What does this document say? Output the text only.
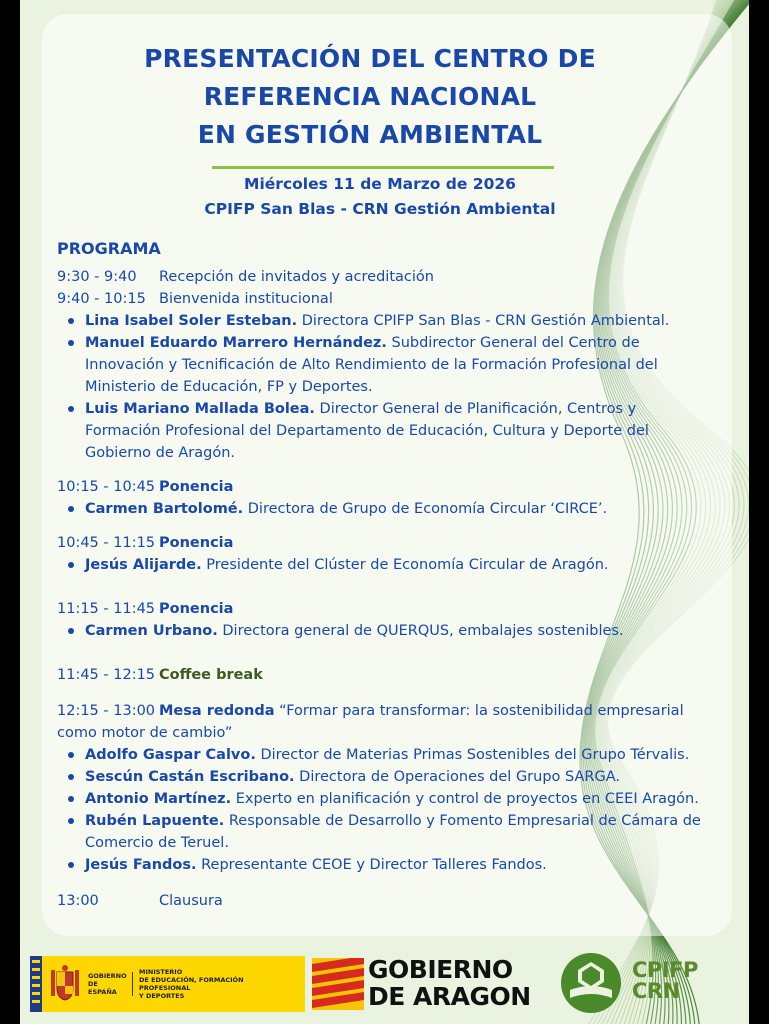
PRESENTACIÓN DEL CENTRO DE
REFERENCIA NACIONAL
EN GESTIÓN AMBIENTAL
Miércoles 11 de Marzo de 2026
CPIFP San Blas - CRN Gestión Ambiental
PROGRAMA
9:30 - 9:40	Recepción de invitados y acreditación
9:40 - 10:15 Bienvenida institucional
Lina Isabel Soler Esteban. Directora CPIFP San Blas - CRN Gestión Ambiental.
Manuel Eduardo Marrero Hernández. Subdirector General del Centro de
Innovación y Tecnificación de Alto Rendimiento de la Formación Profesional del
Ministerio de Educación, FP y Deportes.
Luis Mariano Mallada Bolea. Director General de Planificación, Centros y
Formación Profesional del Departamento de Educación, Cultura y Deporte del
Gobierno de Aragón.
10:15 - 10:45 Ponencia
Carmen Bartolomé. Directora de Grupo de Economía Circular ‘CIRCE’.
10:45 - 11:15 Ponencia
Jesús Alijarde. Presidente del Clúster de Economía Circular de Aragón.
11:15 - 11:45 Ponencia
Carmen Urbano. Directora general de QUERQUS, embalajes sostenibles.
11:45 - 12:15 Coffee break
12:15 - 13:00 Mesa redonda “Formar para transformar: la sostenibilidad empresarial
como motor de cambio”
Adolfo Gaspar Calvo. Director de Materias Primas Sostenibles del Grupo Térvalis.
Sescún Castán Escribano. Directora de Operaciones del Grupo SARGA.
Antonio Martínez. Experto en planificación y control de proyectos en CEEI Aragón.
Rubén Lapuente. Responsable de Desarrollo y Fomento Empresarial de Cámara de
Comercio de Teruel.
Jesús Fandos. Representante CEOE y Director Talleres Fandos.
13:00	Clausura
GOBIERNO
DE ESPAÑA
MINISTERIO
DE EDUCACIÓN, FORMACIÓN PROFESIONAL
Y DEPORTES
GOBIERNO
DE ARAGON
CPIFP
CRN
